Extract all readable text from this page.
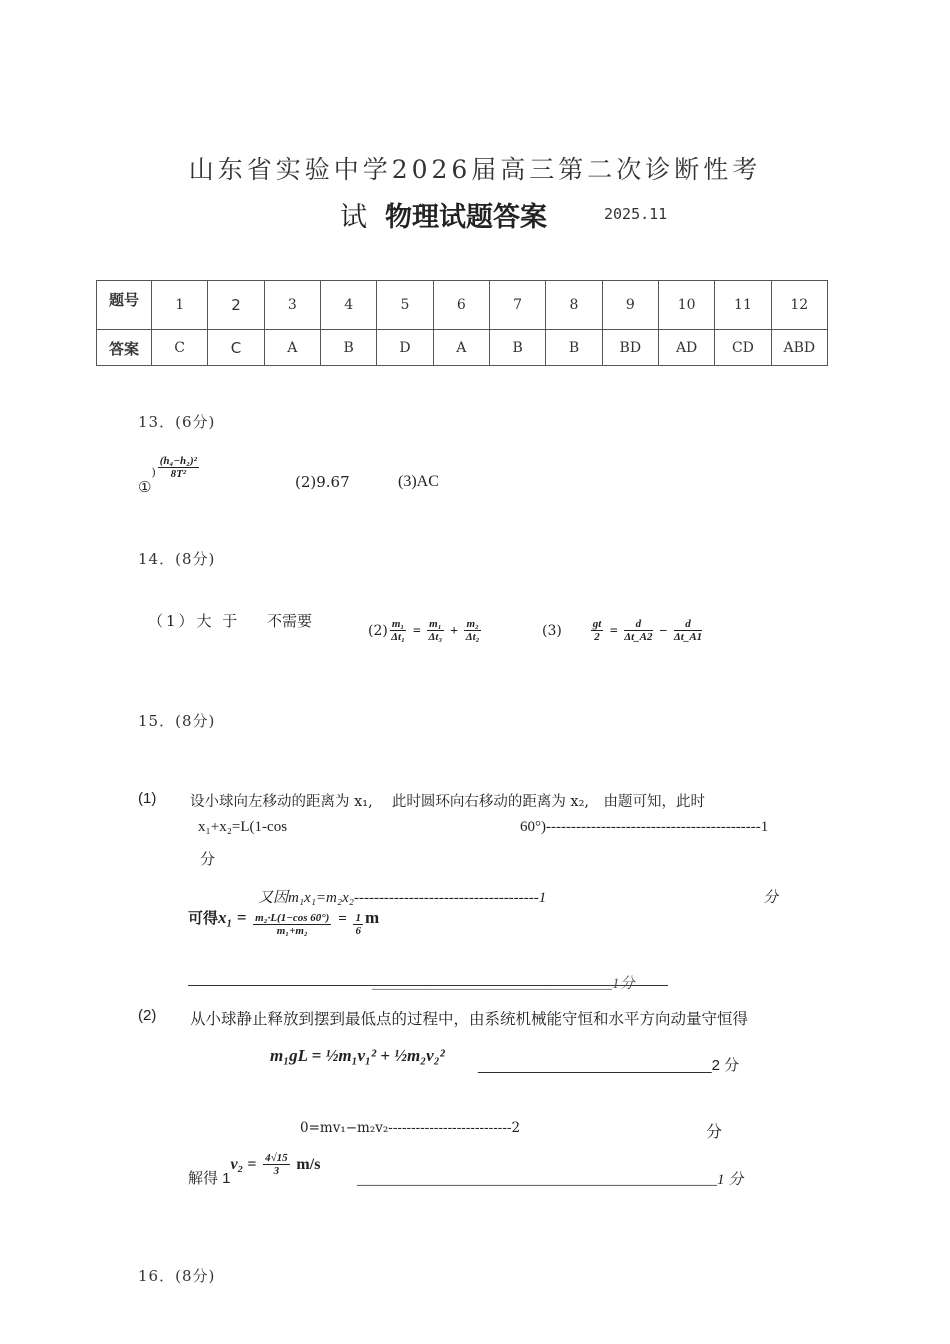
山东省实验中学2026届高三第二次诊断性考
试 物理试题答案	2025.11
题号	1	2	3	4	5	6	7	8	9	10	11	12
答案	C	C	A	B	D	A	B	B	BD	AD	CD	ABD
13．(6分)
$①_) \frac{\text{(h₄−h₂)²}}{\text{8T²}}$
(2)9.67	(3)AC
14．(8分)
（1）大 于 不需要
$(2) \frac{\text{m₁}}{\text{Δt₁}} = \frac{\text{m₁}}{\text{Δt₃}} + \frac{\text{m₂}}{\text{Δt₂}}$	(3)	$\frac{gt}{2} = \frac{d}{\Delta t\_A2} - \frac{d}{\Delta t\_A1}$
15．(8分)
(1) 设小球向左移动的距离为 x₁,　 此时圆环向右移动的距离为 x₂,　由题可知，此时
x₁+x₂=L(1-cos	60°)-------------------------------------------1
分
又因m₁x₁=m₂x₂-------------------------------------1	分
可得$x_1 = \frac{\text{m₂·L(1−cos 60°)}}{\text{m₁+m₂}} = \frac{1}{6}$ m
________________________________1分
(2) 从小球静止释放到摆到最低点的过程中，由系统机械能守恒和水平方向动量守恒得
m₁gL = ½m₁v₁² + ½m₂v₂²
____________________________2 分
0=mv₁−m₂v₂---------------------------2	分
解得 $1v_2 = \frac{4√15}{3} m/s$
________________________________________________1 分
16．(8分)
